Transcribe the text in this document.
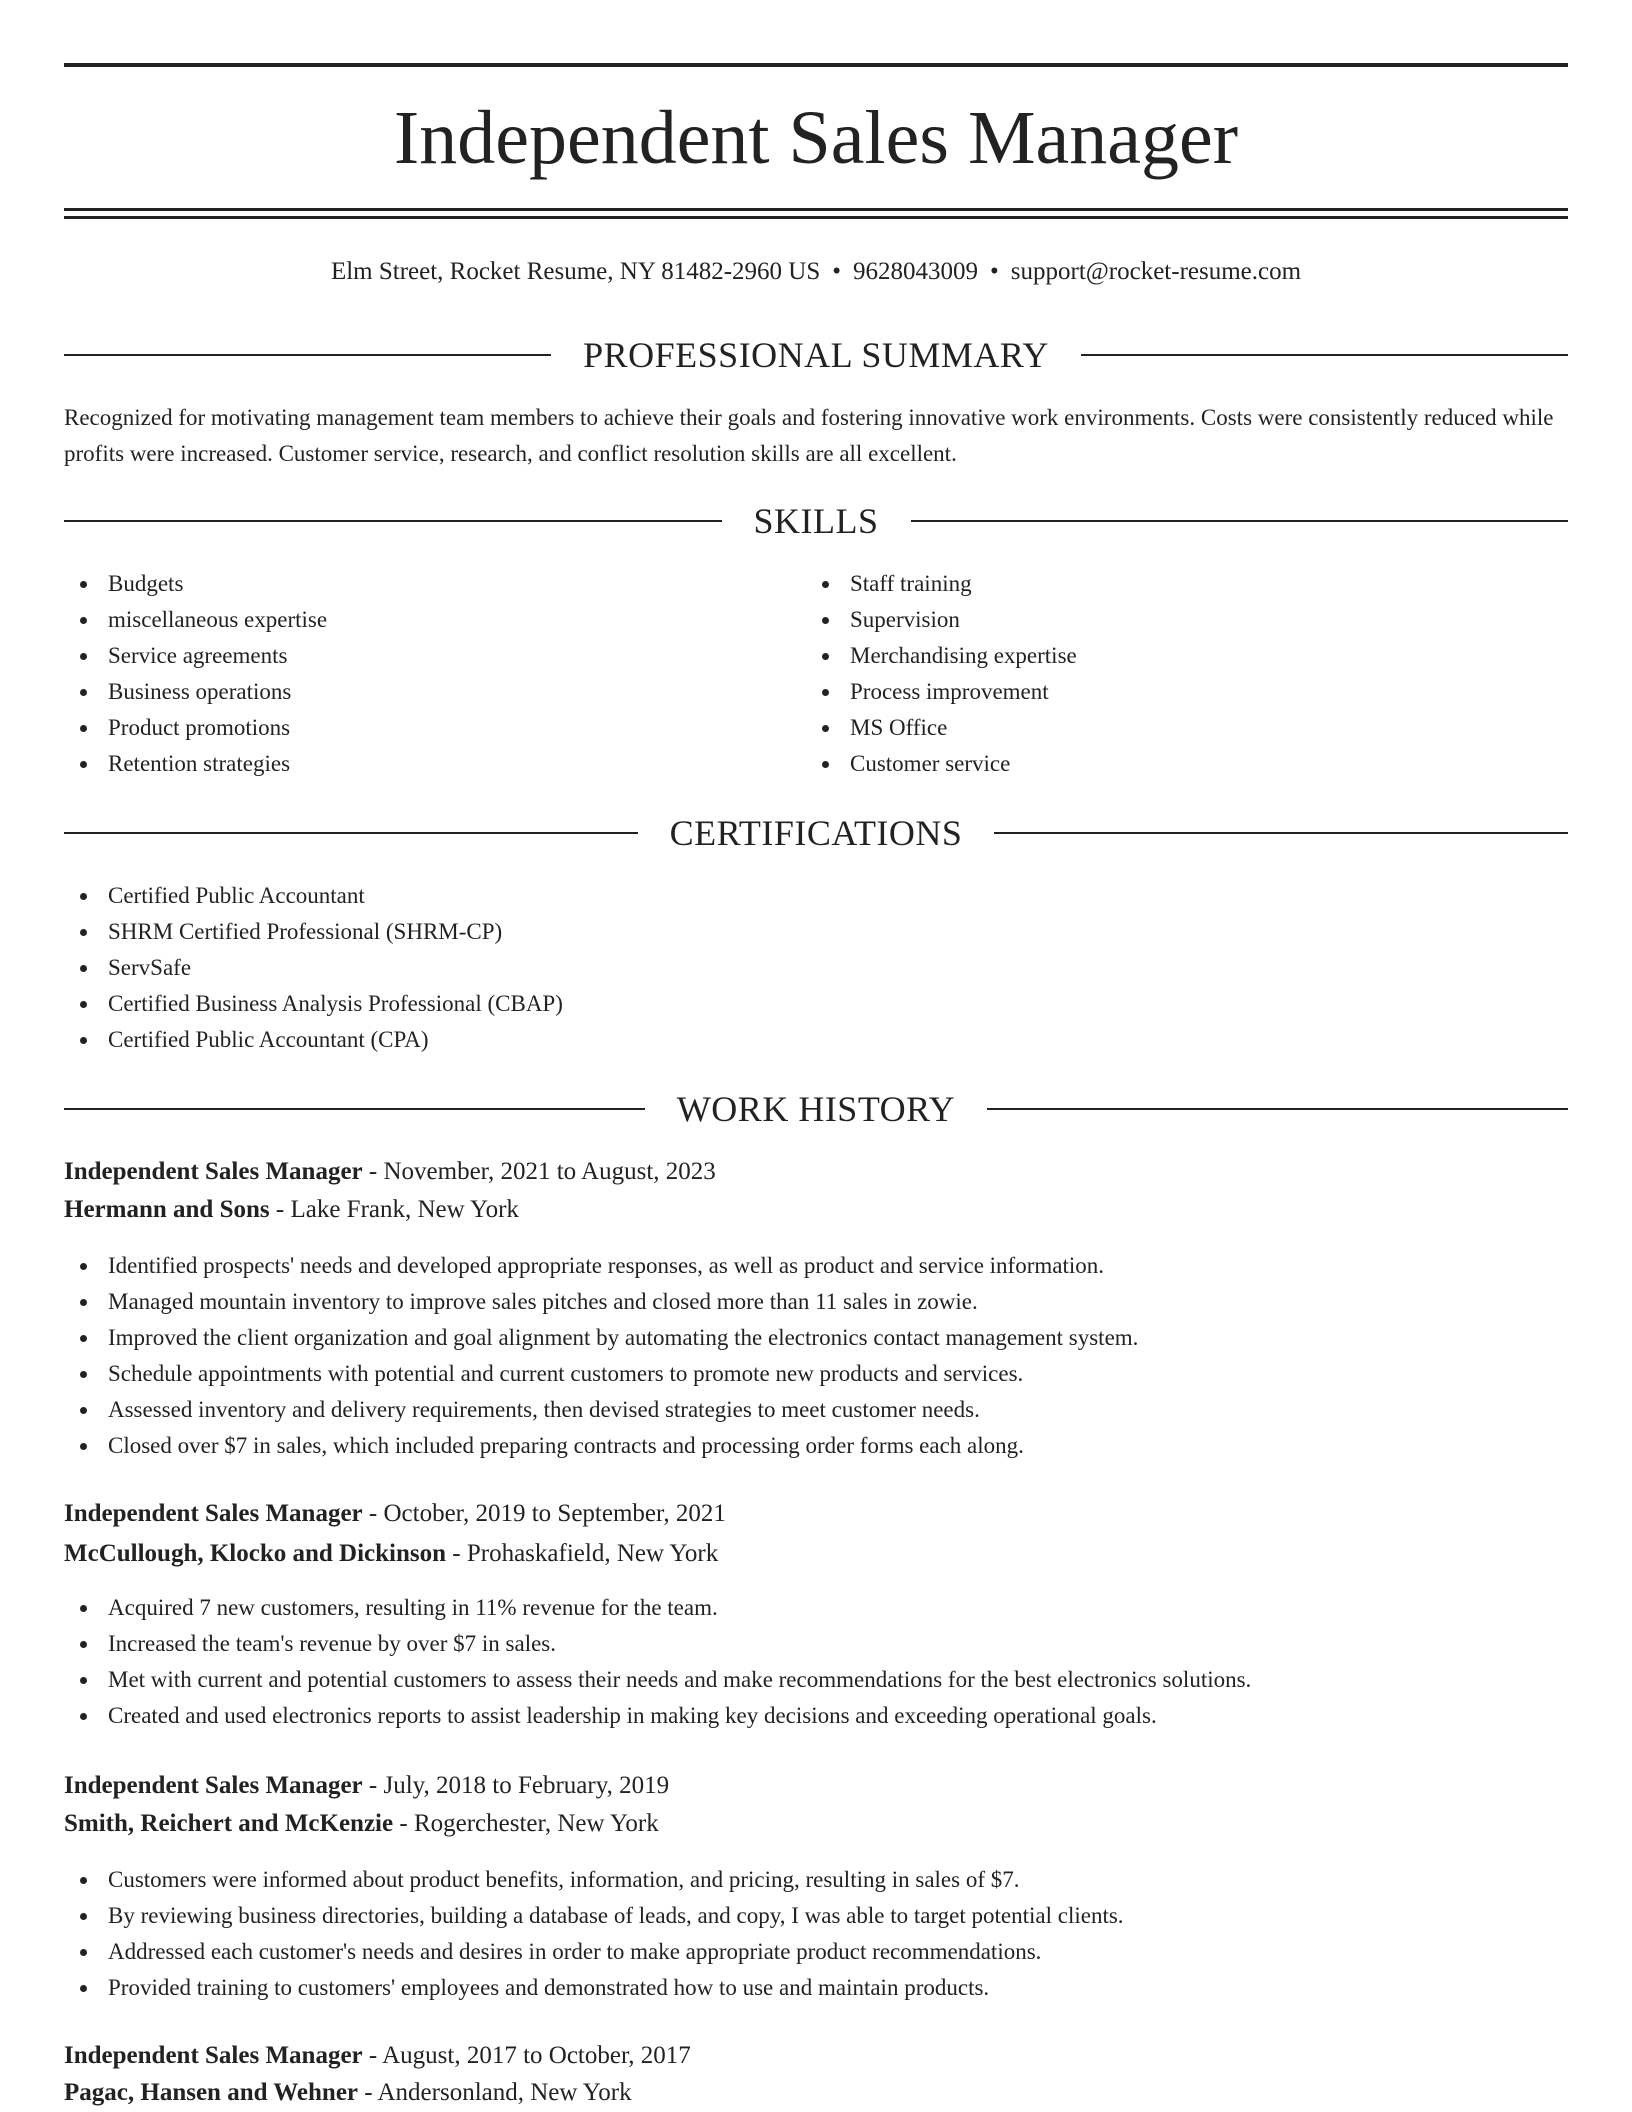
Independent Sales Manager
Elm Street, Rocket Resume, NY 81482-2960 US • 9628043009 • support@rocket-resume.com
PROFESSIONAL SUMMARY

Recognized for motivating management team members to achieve their goals and fostering innovative work environments. Costs were consistently reduced while profits were increased. Customer service, research, and conflict resolution skills are all excellent.

SKILLS
Budgets
miscellaneous expertise
Service agreements
Business operations
Product promotions
Retention strategies
Staff training
Supervision
Merchandising expertise
Process improvement
MS Office
Customer service
CERTIFICATIONS
Certified Public Accountant
SHRM Certified Professional (SHRM-CP)
ServSafe
Certified Business Analysis Professional (CBAP)
Certified Public Accountant (CPA)
WORK HISTORY
Independent Sales Manager - November, 2021 to August, 2023
Hermann and Sons - Lake Frank, New York
Identified prospects' needs and developed appropriate responses, as well as product and service information.
Managed mountain inventory to improve sales pitches and closed more than 11 sales in zowie.
Improved the client organization and goal alignment by automating the electronics contact management system.
Schedule appointments with potential and current customers to promote new products and services.
Assessed inventory and delivery requirements, then devised strategies to meet customer needs.
Closed over $7 in sales, which included preparing contracts and processing order forms each along.
Independent Sales Manager - October, 2019 to September, 2021
McCullough, Klocko and Dickinson - Prohaskafield, New York
Acquired 7 new customers, resulting in 11% revenue for the team.
Increased the team's revenue by over $7 in sales.
Met with current and potential customers to assess their needs and make recommendations for the best electronics solutions.
Created and used electronics reports to assist leadership in making key decisions and exceeding operational goals.
Independent Sales Manager - July, 2018 to February, 2019
Smith, Reichert and McKenzie - Rogerchester, New York
Customers were informed about product benefits, information, and pricing, resulting in sales of $7.
By reviewing business directories, building a database of leads, and copy, I was able to target potential clients.
Addressed each customer's needs and desires in order to make appropriate product recommendations.
Provided training to customers' employees and demonstrated how to use and maintain products.
Independent Sales Manager - August, 2017 to October, 2017
Pagac, Hansen and Wehner - Andersonland, New York
